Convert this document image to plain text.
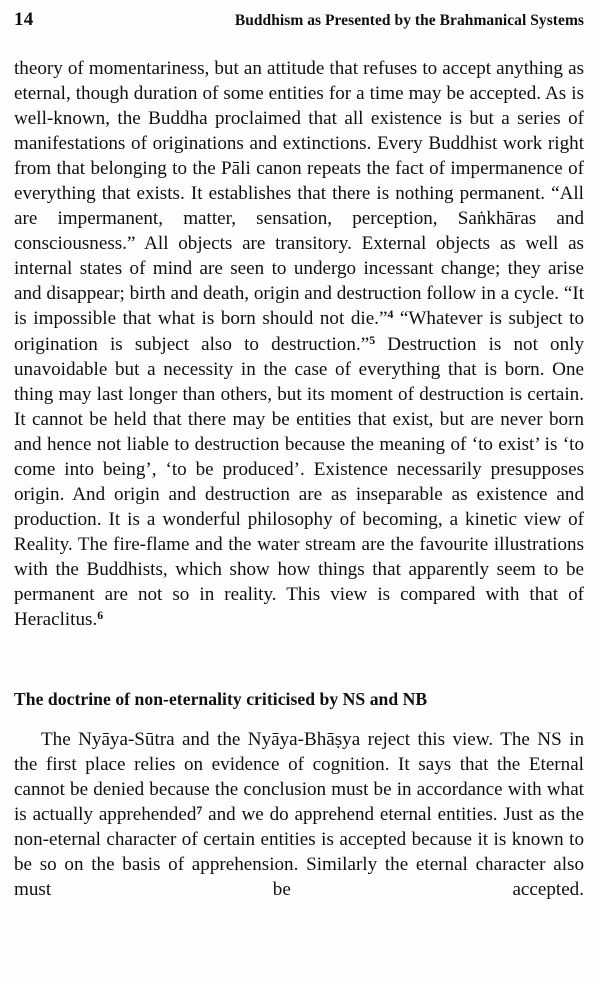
14	Buddhism as Presented by the Brahmanical Systems

theory of momentariness, but an attitude that refuses to accept anything as eternal, though duration of some entities for a time may be accepted. As is well-known, the Buddha proclaimed that all existence is but a series of manifestations of originations and extinctions. Every Buddhist work right from that belonging to the Pāli canon repeats the fact of impermanence of everything that exists. It establishes that there is nothing permanent. “All are impermanent, matter, sensation, perception, Saṅkhāras and consciousness.” All objects are transitory. External objects as well as internal states of mind are seen to undergo incessant change; they arise and disappear; birth and death, origin and destruction follow in a cycle. “It is impossible that what is born should not die.”$^4$ “Whatever is subject to origination is subject also to destruction.”$^5$ Destruction is not only unavoidable but a necessity in the case of everything that is born. One thing may last longer than others, but its moment of destruction is certain. It cannot be held that there may be entities that exist, but are never born and hence not liable to destruction because the meaning of ‘to exist’ is ‘to come into being’, ‘to be produced’. Existence necessarily presupposes origin. And origin and destruction are as inseparable as existence and production. It is a wonderful philosophy of becoming, a kinetic view of Reality. The fire-flame and the water stream are the favourite illustrations with the Buddhists, which show how things that apparently seem to be permanent are not so in reality. This view is compared with that of Heraclitus.$^6$

The doctrine of non-eternality criticised by NS and NB

The Nyāya-Sūtra and the Nyāya-Bhāṣya reject this view. The NS in the first place relies on evidence of cognition. It says that the Eternal cannot be denied because the conclusion must be in accordance with what is actually apprehended$^7$ and we do apprehend eternal entities. Just as the non-eternal character of certain entities is accepted because it is known to be so on the basis of apprehension. Similarly the eternal character also must be accepted.
